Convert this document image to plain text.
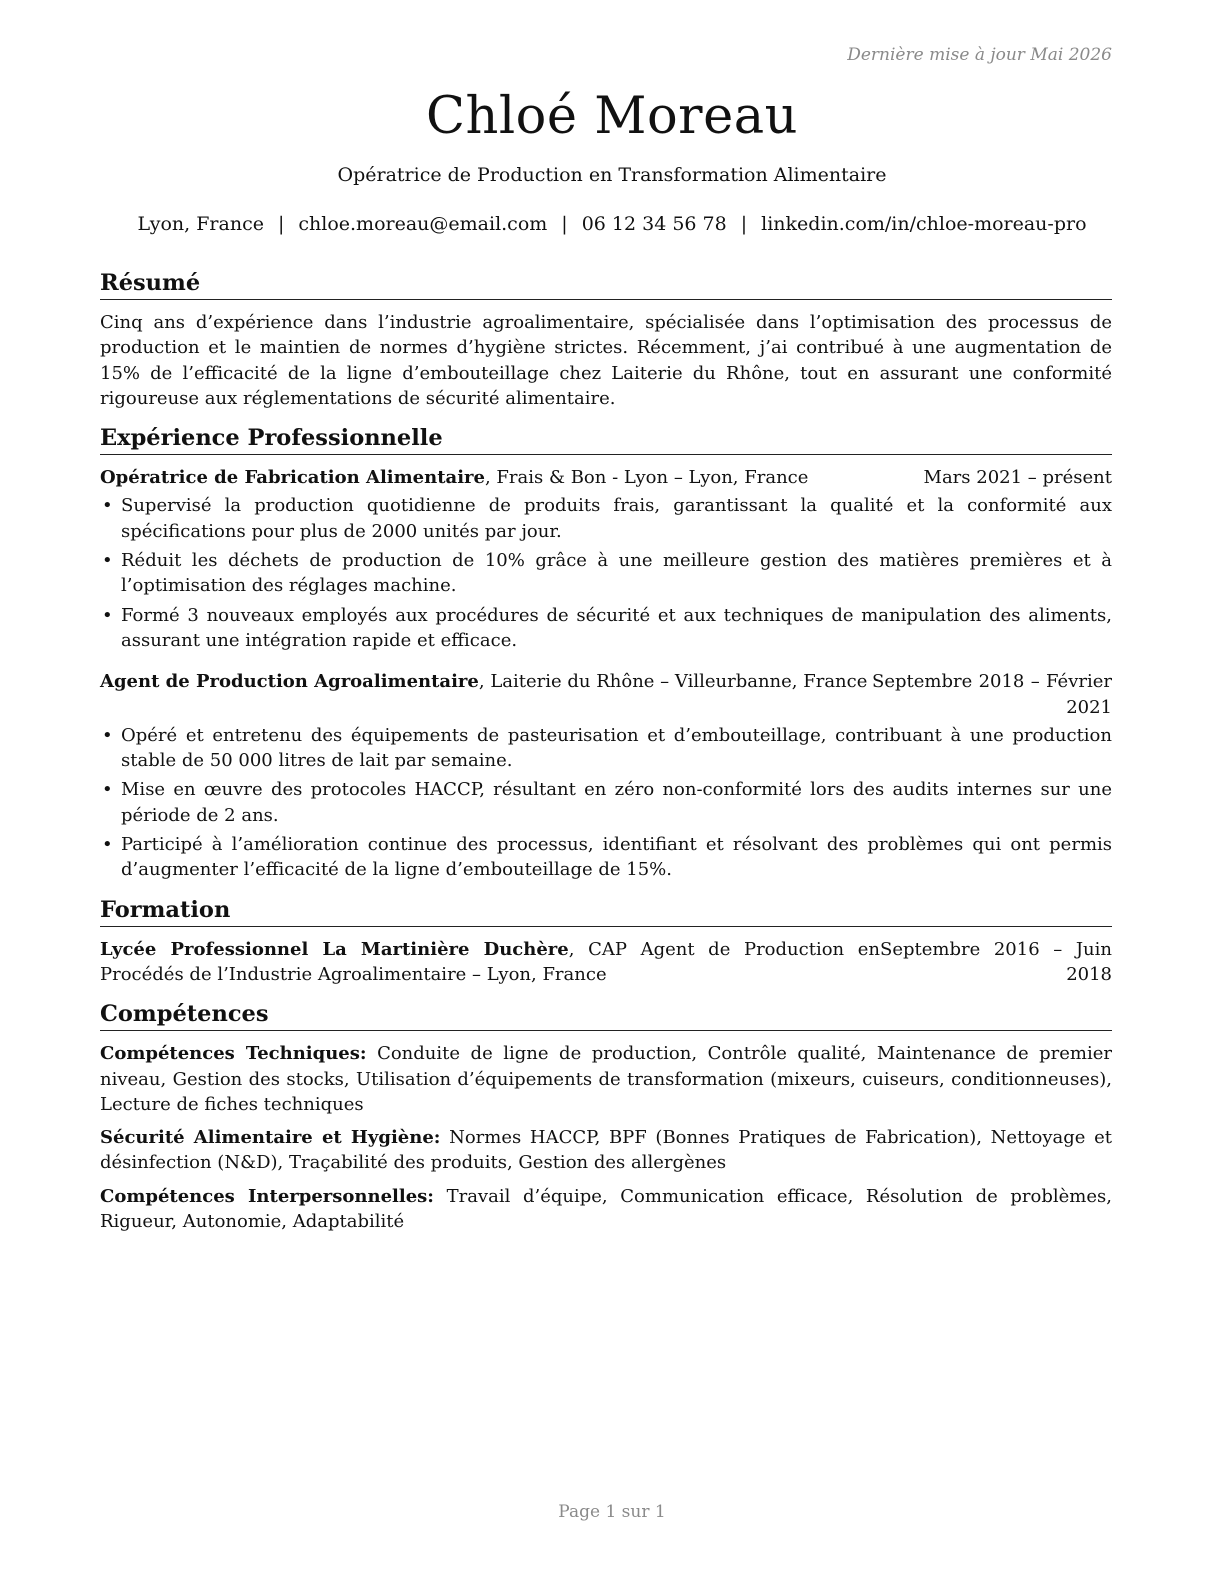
Dernière mise à jour Mai 2026
Chloé Moreau
Opératrice de Production en Transformation Alimentaire
Lyon, France | chloe.moreau@email.com | 06 12 34 56 78 | linkedin.com/in/chloe-moreau-pro
Résumé

Cinq ans d’expérience dans l’industrie agroalimentaire, spécialisée dans l’optimisation des processus de production et le maintien de normes d’hygiène strictes. Récemment, j’ai contribué à une augmentation de 15% de l’efficacité de la ligne d’embouteillage chez Laiterie du Rhône, tout en assurant une conformité rigoureuse aux réglementations de sécurité alimentaire.

Expérience Professionnelle
Opératrice de Fabrication Alimentaire, Frais & Bon - Lyon – Lyon, France	Mars 2021 – présent
• Supervisé la production quotidienne de produits frais, garantissant la qualité et la conformité aux spécifications pour plus de 2000 unités par jour.
• Réduit les déchets de production de 10% grâce à une meilleure gestion des matières premières et à l’optimisation des réglages machine.
• Formé 3 nouveaux employés aux procédures de sécurité et aux techniques de manipulation des aliments, assurant une intégration rapide et efficace.
Agent de Production Agroalimentaire, Laiterie du Rhône – Villeurbanne, France Septembre 2018 – Février 2021
• Opéré et entretenu des équipements de pasteurisation et d’embouteillage, contribuant à une production stable de 50 000 litres de lait par semaine.
• Mise en œuvre des protocoles HACCP, résultant en zéro non-conformité lors des audits internes sur une période de 2 ans.
• Participé à l’amélioration continue des processus, identifiant et résolvant des problèmes qui ont permis d’augmenter l’efficacité de la ligne d’embouteillage de 15%.
Formation
Lycée Professionnel La Martinière Duchère, CAP Agent de Production en Procédés de l’Industrie Agroalimentaire – Lyon, France
Septembre 2016 – Juin 2018
Compétences
Compétences Techniques: Conduite de ligne de production, Contrôle qualité, Maintenance de premier niveau, Gestion des stocks, Utilisation d’équipements de transformation (mixeurs, cuiseurs, conditionneuses), Lecture de fiches techniques
Sécurité Alimentaire et Hygiène: Normes HACCP, BPF (Bonnes Pratiques de Fabrication), Nettoyage et désinfection (N&D), Traçabilité des produits, Gestion des allergènes
Compétences Interpersonnelles: Travail d’équipe, Communication efficace, Résolution de problèmes, Rigueur, Autonomie, Adaptabilité
Page 1 sur 1
